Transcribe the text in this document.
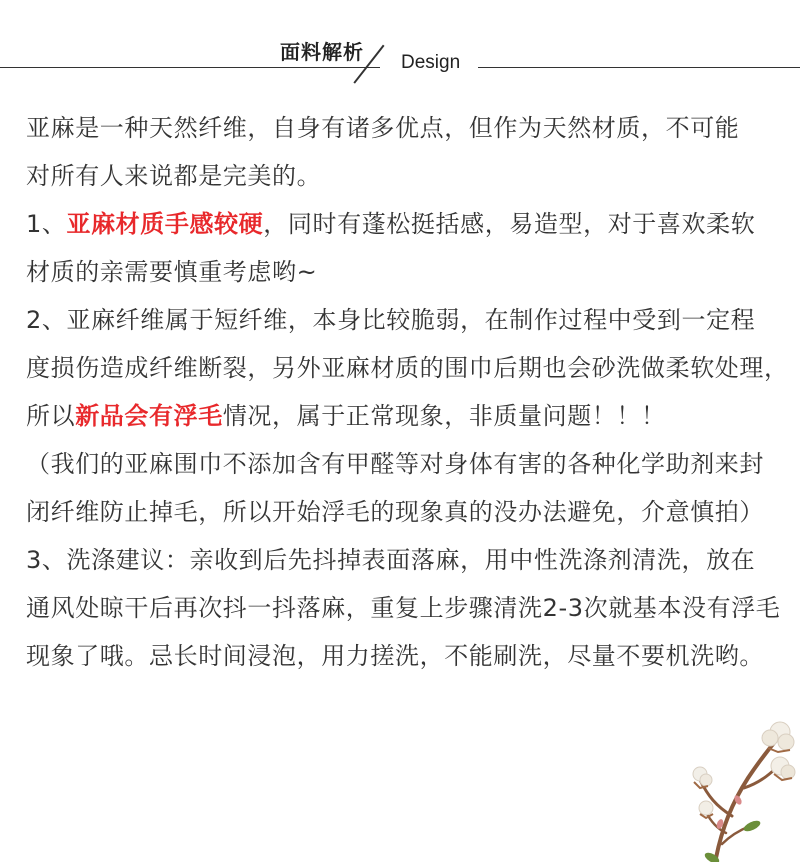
面料解析 Design
亚麻是一种天然纤维，自身有诸多优点，但作为天然材质，不可能
对所有人来说都是完美的。
1、亚麻材质手感较硬，同时有蓬松挺括感，易造型，对于喜欢柔软
材质的亲需要慎重考虑哟~
2、亚麻纤维属于短纤维，本身比较脆弱，在制作过程中受到一定程
度损伤造成纤维断裂，另外亚麻材质的围巾后期也会砂洗做柔软处理，
所以新品会有浮毛情况，属于正常现象，非质量问题！！！
（我们的亚麻围巾不添加含有甲醛等对身体有害的各种化学助剂来封
闭纤维防止掉毛，所以开始浮毛的现象真的没办法避免，介意慎拍）
3、洗涤建议：亲收到后先抖掉表面落麻，用中性洗涤剂清洗，放在
通风处晾干后再次抖一抖落麻，重复上步骤清洗2-3次就基本没有浮毛
现象了哦。忌长时间浸泡，用力搓洗，不能刷洗，尽量不要机洗哟。
